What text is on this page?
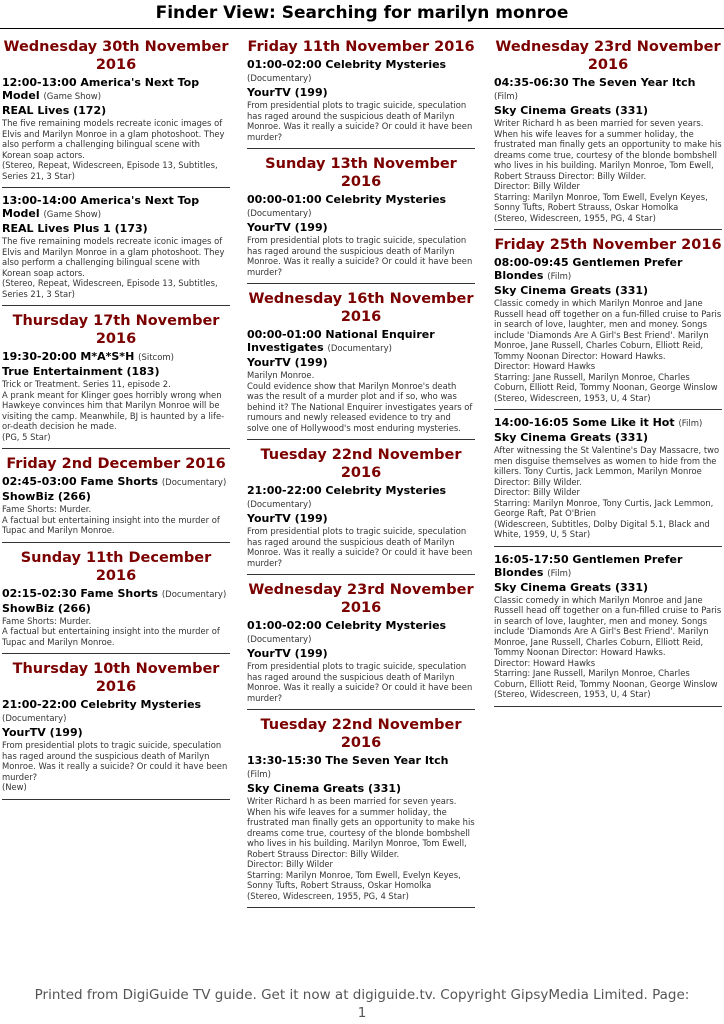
Finder View: Searching for marilyn monroe
Wednesday 30th November 2016
12:00-13:00 America's Next Top Model (Game Show)
REAL Lives (172)
The five remaining models recreate iconic images of Elvis and Marilyn Monroe in a glam photoshoot. They also perform a challenging bilingual scene with Korean soap actors.
(Stereo, Repeat, Widescreen, Episode 13, Subtitles, Series 21, 3 Star)
13:00-14:00 America's Next Top Model (Game Show)
REAL Lives Plus 1 (173)
The five remaining models recreate iconic images of Elvis and Marilyn Monroe in a glam photoshoot. They also perform a challenging bilingual scene with Korean soap actors.
(Stereo, Repeat, Widescreen, Episode 13, Subtitles, Series 21, 3 Star)
Thursday 17th November 2016
19:30-20:00 M*A*S*H (Sitcom)
True Entertainment (183)
Trick or Treatment. Series 11, episode 2.
A prank meant for Klinger goes horribly wrong when Hawkeye convinces him that Marilyn Monroe will be visiting the camp. Meanwhile, BJ is haunted by a life-or-death decision he made.
(PG, 5 Star)
Friday 2nd December 2016
02:45-03:00 Fame Shorts (Documentary)
ShowBiz (266)
Fame Shorts: Murder.
A factual but entertaining insight into the murder of Tupac and Marilyn Monroe.
Sunday 11th December 2016
02:15-02:30 Fame Shorts (Documentary)
ShowBiz (266)
Fame Shorts: Murder.
A factual but entertaining insight into the murder of Tupac and Marilyn Monroe.
Thursday 10th November 2016
21:00-22:00 Celebrity Mysteries (Documentary)
YourTV (199)
From presidential plots to tragic suicide, speculation has raged around the suspicious death of Marilyn Monroe. Was it really a suicide? Or could it have been murder?
(New)
Friday 11th November 2016
01:00-02:00 Celebrity Mysteries (Documentary)
YourTV (199)
From presidential plots to tragic suicide, speculation has raged around the suspicious death of Marilyn Monroe. Was it really a suicide? Or could it have been murder?
Sunday 13th November 2016
00:00-01:00 Celebrity Mysteries (Documentary)
YourTV (199)
From presidential plots to tragic suicide, speculation has raged around the suspicious death of Marilyn Monroe. Was it really a suicide? Or could it have been murder?
Wednesday 16th November 2016
00:00-01:00 National Enquirer Investigates (Documentary)
YourTV (199)
Marilyn Monroe.
Could evidence show that Marilyn Monroe's death was the result of a murder plot and if so, who was behind it? The National Enquirer investigates years of rumours and newly released evidence to try and solve one of Hollywood's most enduring mysteries.
Tuesday 22nd November 2016
21:00-22:00 Celebrity Mysteries (Documentary)
YourTV (199)
From presidential plots to tragic suicide, speculation has raged around the suspicious death of Marilyn Monroe. Was it really a suicide? Or could it have been murder?
Wednesday 23rd November 2016
01:00-02:00 Celebrity Mysteries (Documentary)
YourTV (199)
From presidential plots to tragic suicide, speculation has raged around the suspicious death of Marilyn Monroe. Was it really a suicide? Or could it have been murder?
Tuesday 22nd November 2016
13:30-15:30 The Seven Year Itch (Film)
Sky Cinema Greats (331)
Writer Richard h as been married for seven years. When his wife leaves for a summer holiday, the frustrated man finally gets an opportunity to make his dreams come true, courtesy of the blonde bombshell who lives in his building. Marilyn Monroe, Tom Ewell, Robert Strauss Director: Billy Wilder.
Director: Billy Wilder
Starring: Marilyn Monroe, Tom Ewell, Evelyn Keyes, Sonny Tufts, Robert Strauss, Oskar Homolka
(Stereo, Widescreen, 1955, PG, 4 Star)
Wednesday 23rd November 2016
04:35-06:30 The Seven Year Itch (Film)
Sky Cinema Greats (331)
Writer Richard h as been married for seven years. When his wife leaves for a summer holiday, the frustrated man finally gets an opportunity to make his dreams come true, courtesy of the blonde bombshell who lives in his building. Marilyn Monroe, Tom Ewell, Robert Strauss Director: Billy Wilder.
Director: Billy Wilder
Starring: Marilyn Monroe, Tom Ewell, Evelyn Keyes, Sonny Tufts, Robert Strauss, Oskar Homolka
(Stereo, Widescreen, 1955, PG, 4 Star)
Friday 25th November 2016
08:00-09:45 Gentlemen Prefer Blondes (Film)
Sky Cinema Greats (331)
Classic comedy in which Marilyn Monroe and Jane Russell head off together on a fun-filled cruise to Paris in search of love, laughter, men and money. Songs include 'Diamonds Are A Girl's Best Friend'. Marilyn Monroe, Jane Russell, Charles Coburn, Elliott Reid, Tommy Noonan Director: Howard Hawks.
Director: Howard Hawks
Starring: Jane Russell, Marilyn Monroe, Charles Coburn, Elliott Reid, Tommy Noonan, George Winslow
(Stereo, Widescreen, 1953, U, 4 Star)
14:00-16:05 Some Like it Hot (Film)
Sky Cinema Greats (331)
After witnessing the St Valentine's Day Massacre, two men disguise themselves as women to hide from the killers. Tony Curtis, Jack Lemmon, Marilyn Monroe Director: Billy Wilder.
Director: Billy Wilder
Starring: Marilyn Monroe, Tony Curtis, Jack Lemmon, George Raft, Pat O'Brien
(Widescreen, Subtitles, Dolby Digital 5.1, Black and White, 1959, U, 5 Star)
16:05-17:50 Gentlemen Prefer Blondes (Film)
Sky Cinema Greats (331)
Classic comedy in which Marilyn Monroe and Jane Russell head off together on a fun-filled cruise to Paris in search of love, laughter, men and money. Songs include 'Diamonds Are A Girl's Best Friend'. Marilyn Monroe, Jane Russell, Charles Coburn, Elliott Reid, Tommy Noonan Director: Howard Hawks.
Director: Howard Hawks
Starring: Jane Russell, Marilyn Monroe, Charles Coburn, Elliott Reid, Tommy Noonan, George Winslow
(Stereo, Widescreen, 1953, U, 4 Star)
Printed from DigiGuide TV guide. Get it now at digiguide.tv. Copyright GipsyMedia Limited. Page: 1
